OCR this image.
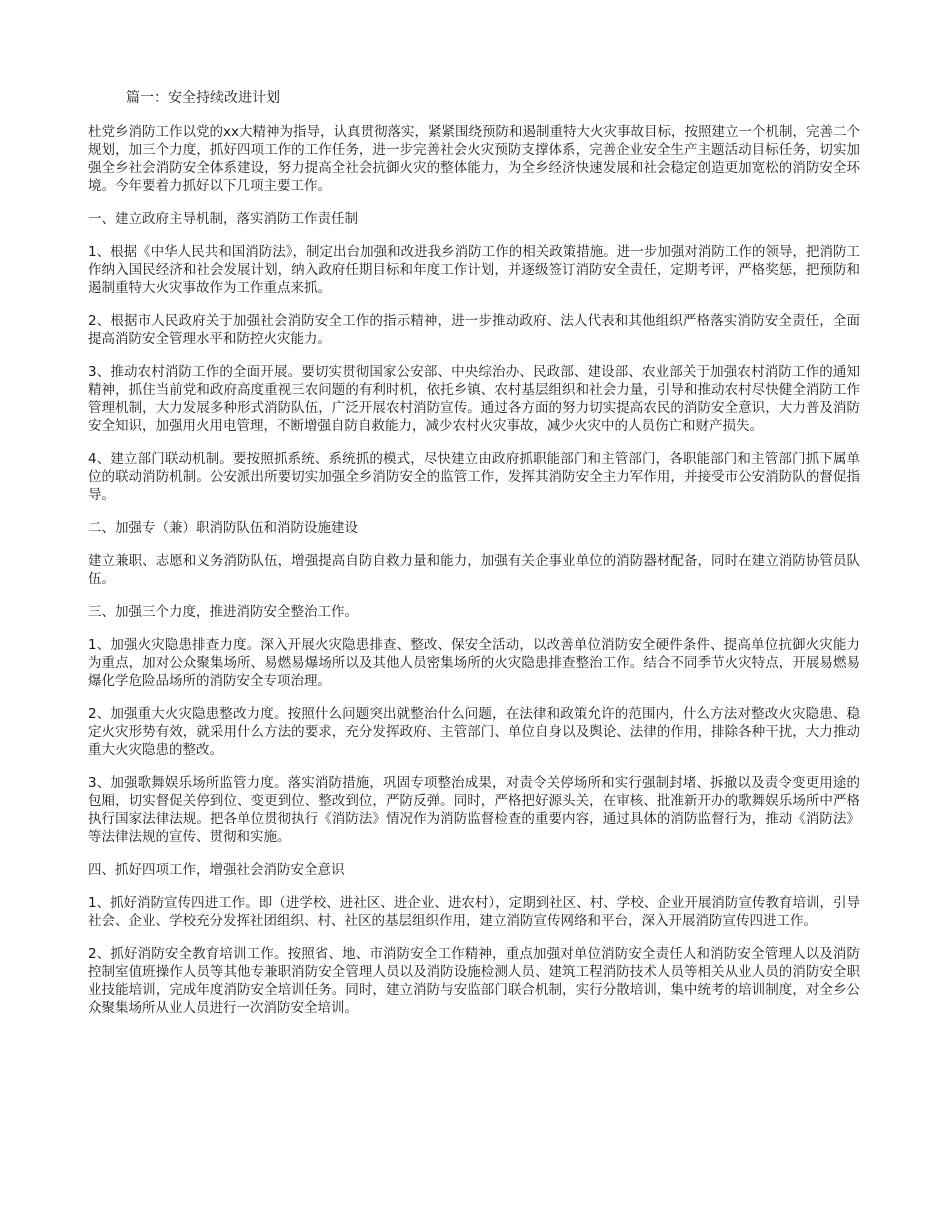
篇一：安全持续改进计划

杜党乡消防工作以党的xx大精神为指导，认真贯彻落实，紧紧围绕预防和遏制重特大火灾事故目标，按照建立一个机制，完善二个规划，加三个力度，抓好四项工作的工作任务，进一步完善社会火灾预防支撑体系，完善企业安全生产主题活动目标任务，切实加强全乡社会消防安全体系建设，努力提高全社会抗御火灾的整体能力，为全乡经济快速发展和社会稳定创造更加宽松的消防安全环境。今年要着力抓好以下几项主要工作。

一、建立政府主导机制，落实消防工作责任制

1、根据《中华人民共和国消防法》，制定出台加强和改进我乡消防工作的相关政策措施。进一步加强对消防工作的领导，把消防工作纳入国民经济和社会发展计划，纳入政府任期目标和年度工作计划，并逐级签订消防安全责任，定期考评，严格奖惩，把预防和遏制重特大火灾事故作为工作重点来抓。

2、根据市人民政府关于加强社会消防安全工作的指示精神，进一步推动政府、法人代表和其他组织严格落实消防安全责任，全面提高消防安全管理水平和防控火灾能力。

3、推动农村消防工作的全面开展。要切实贯彻国家公安部、中央综治办、民政部、建设部、农业部关于加强农村消防工作的通知精神，抓住当前党和政府高度重视三农问题的有利时机，依托乡镇、农村基层组织和社会力量，引导和推动农村尽快健全消防工作管理机制，大力发展多种形式消防队伍，广泛开展农村消防宣传。通过各方面的努力切实提高农民的消防安全意识，大力普及消防安全知识，加强用火用电管理，不断增强自防自救能力，减少农村火灾事故，减少火灾中的人员伤亡和财产损失。

4、建立部门联动机制。要按照抓系统、系统抓的模式，尽快建立由政府抓职能部门和主管部门，各职能部门和主管部门抓下属单位的联动消防机制。公安派出所要切实加强全乡消防安全的监管工作，发挥其消防安全主力军作用，并接受市公安消防队的督促指导。

二、加强专（兼）职消防队伍和消防设施建设

建立兼职、志愿和义务消防队伍，增强提高自防自救力量和能力，加强有关企事业单位的消防器材配备，同时在建立消防协管员队伍。

三、加强三个力度，推进消防安全整治工作。

1、加强火灾隐患排查力度。深入开展火灾隐患排查、整改、保安全活动，以改善单位消防安全硬件条件、提高单位抗御火灾能力为重点，加对公众聚集场所、易燃易爆场所以及其他人员密集场所的火灾隐患排查整治工作。结合不同季节火灾特点，开展易燃易爆化学危险品场所的消防安全专项治理。

2、加强重大火灾隐患整改力度。按照什么问题突出就整治什么问题，在法律和政策允许的范围内，什么方法对整改火灾隐患、稳定火灾形势有效，就采用什么方法的要求，充分发挥政府、主管部门、单位自身以及舆论、法律的作用，排除各种干扰，大力推动重大火灾隐患的整改。

3、加强歌舞娱乐场所监管力度。落实消防措施，巩固专项整治成果，对责令关停场所和实行强制封堵、拆撤以及责令变更用途的包厢，切实督促关停到位、变更到位、整改到位，严防反弹。同时，严格把好源头关，在审核、批准新开办的歌舞娱乐场所中严格执行国家法律法规。把各单位贯彻执行《消防法》情况作为消防监督检查的重要内容，通过具体的消防监督行为，推动《消防法》等法律法规的宣传、贯彻和实施。

四、抓好四项工作，增强社会消防安全意识

1、抓好消防宣传四进工作。即（进学校、进社区、进企业、进农村），定期到社区、村、学校、企业开展消防宣传教育培训，引导社会、企业、学校充分发挥社团组织、村、社区的基层组织作用，建立消防宣传网络和平台，深入开展消防宣传四进工作。

2、抓好消防安全教育培训工作。按照省、地、市消防安全工作精神，重点加强对单位消防安全责任人和消防安全管理人以及消防控制室值班操作人员等其他专兼职消防安全管理人员以及消防设施检测人员、建筑工程消防技术人员等相关从业人员的消防安全职业技能培训，完成年度消防安全培训任务。同时，建立消防与安监部门联合机制，实行分散培训，集中统考的培训制度，对全乡公众聚集场所从业人员进行一次消防安全培训。
